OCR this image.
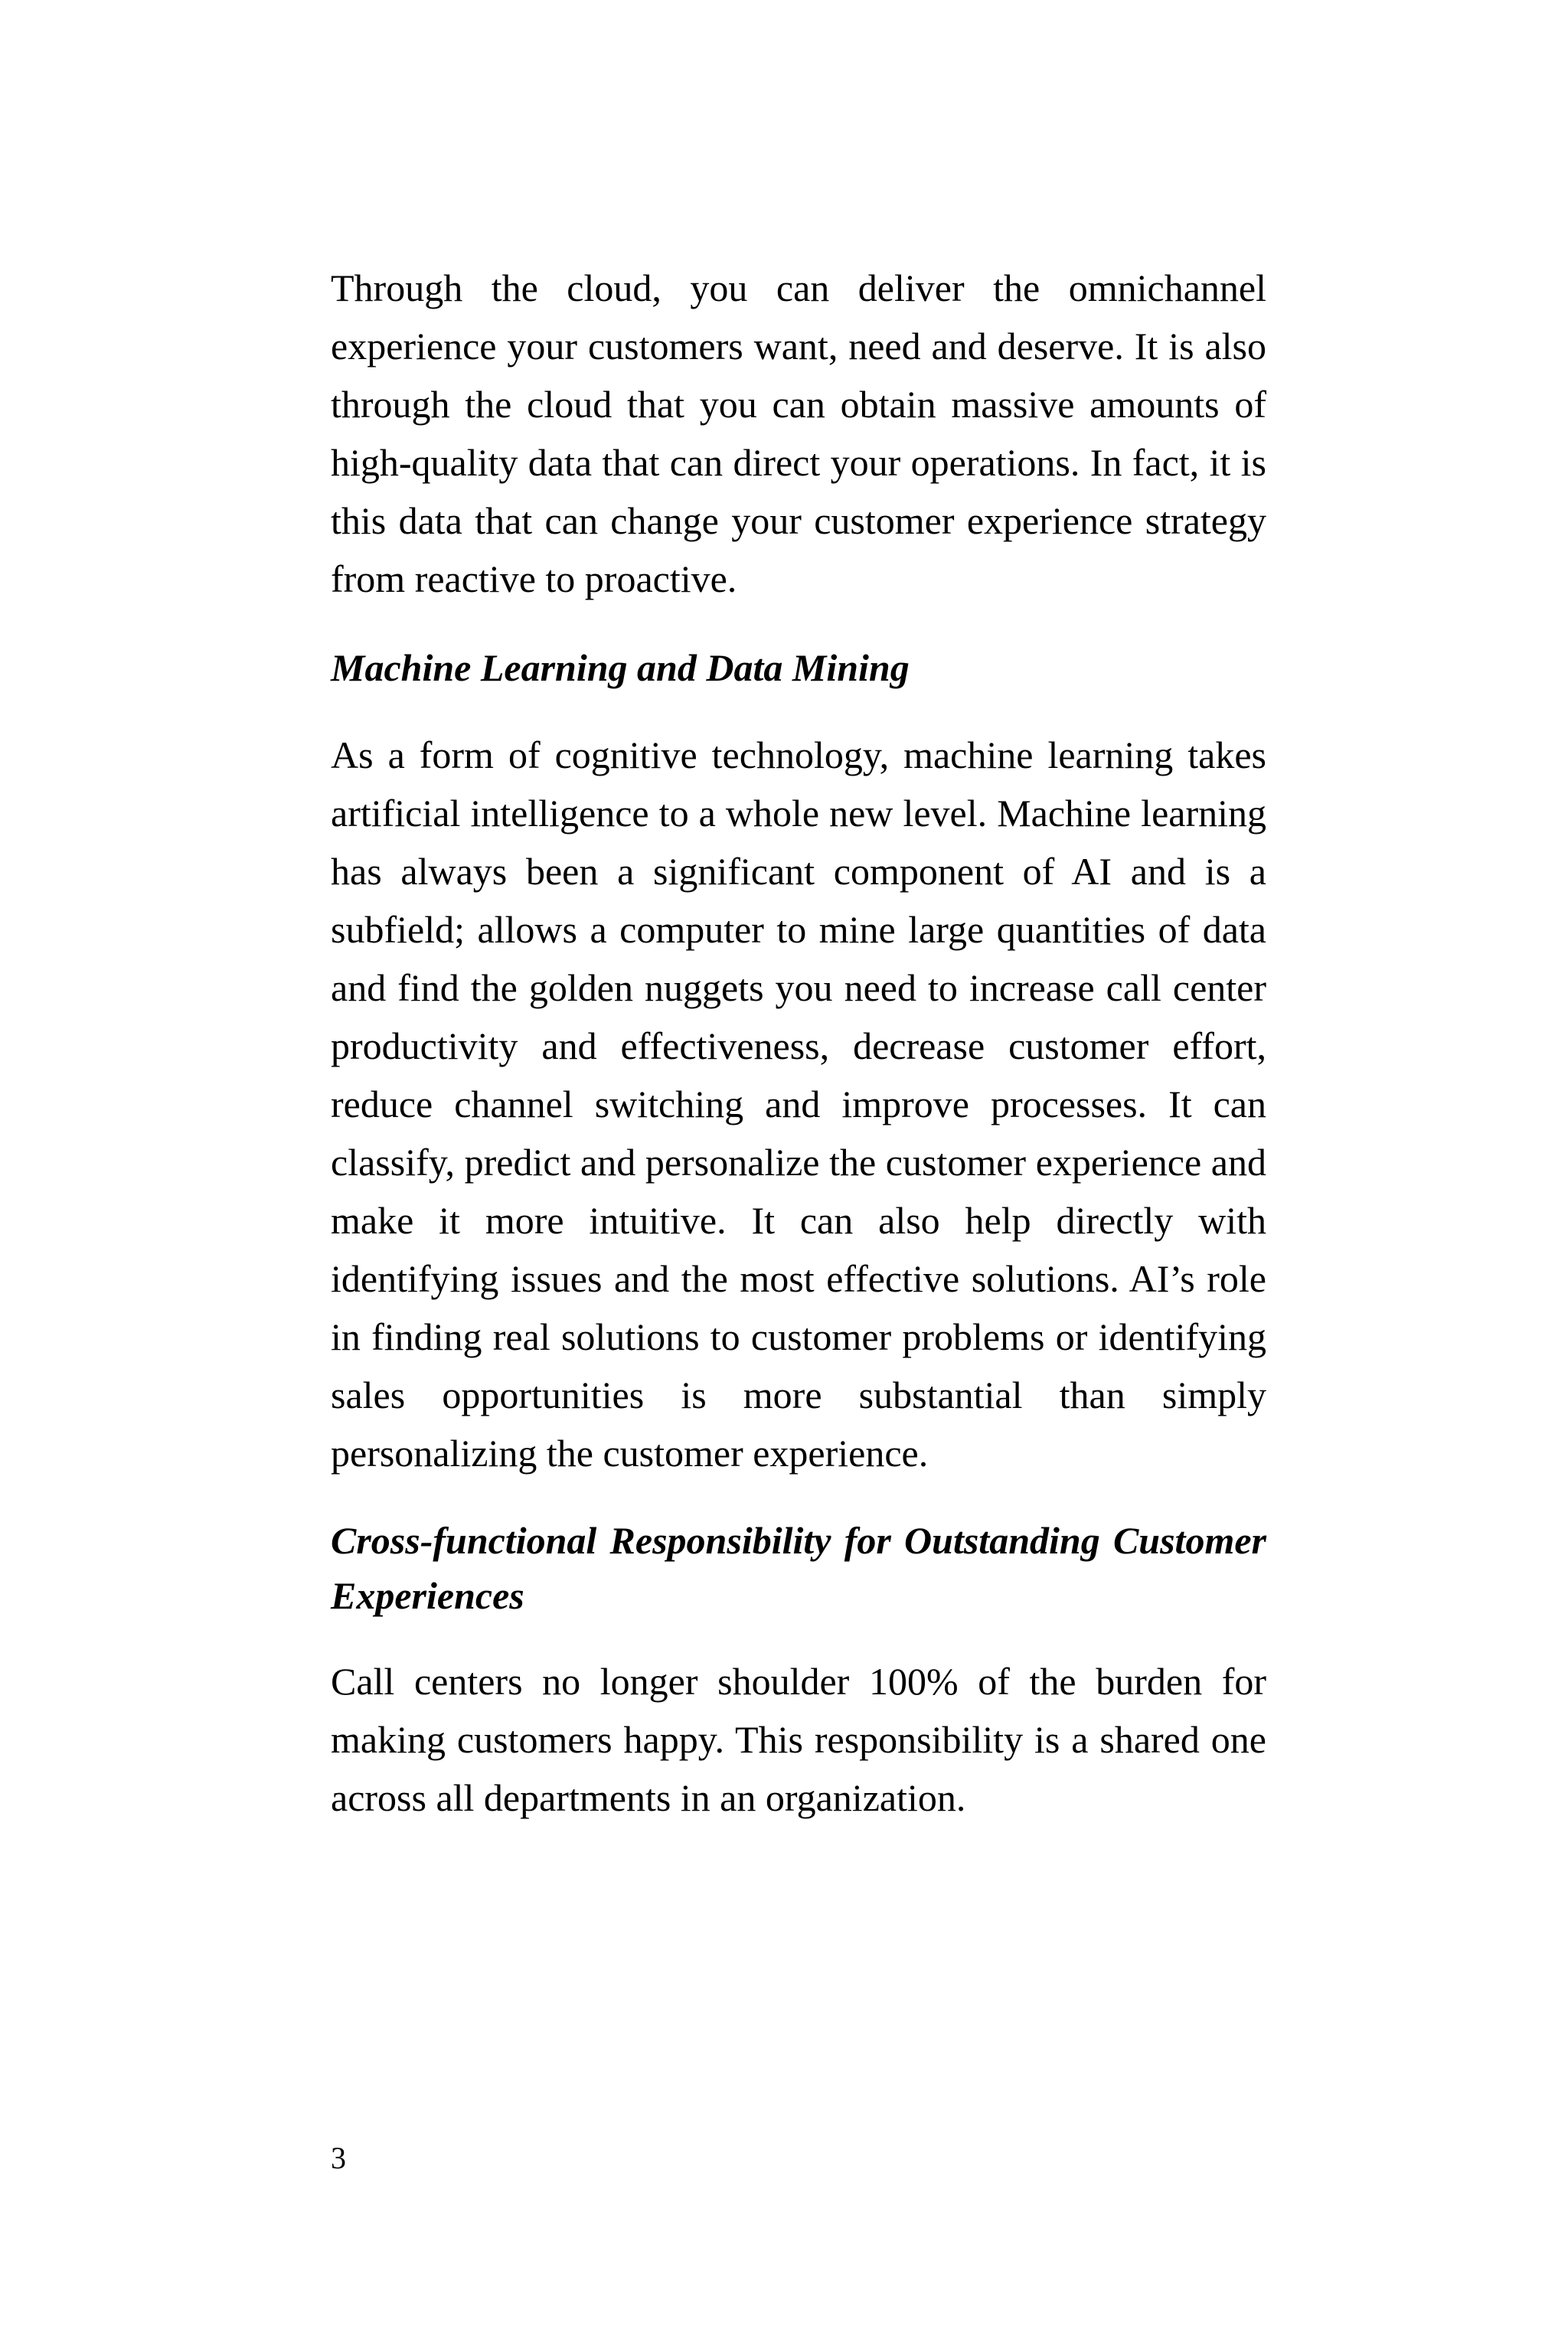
Through the cloud, you can deliver the omnichannel experience your customers want, need and deserve. It is also through the cloud that you can obtain massive amounts of high-quality data that can direct your operations. In fact, it is this data that can change your customer experience strategy from reactive to proactive.

Machine Learning and Data Mining

As a form of cognitive technology, machine learning takes artificial intelligence to a whole new level. Machine learning has always been a significant component of AI and is a subfield; allows a computer to mine large quantities of data and find the golden nuggets you need to increase call center productivity and effectiveness, decrease customer effort, reduce channel switching and improve processes. It can classify, predict and personalize the customer experience and make it more intuitive. It can also help directly with identifying issues and the most effective solutions. AI’s role in finding real solutions to customer problems or identifying sales opportunities is more substantial than simply personalizing the customer experience.

Cross-functional Responsibility for Outstanding Customer Experiences

Call centers no longer shoulder 100% of the burden for making customers happy. This responsibility is a shared one across all departments in an organization.

3
